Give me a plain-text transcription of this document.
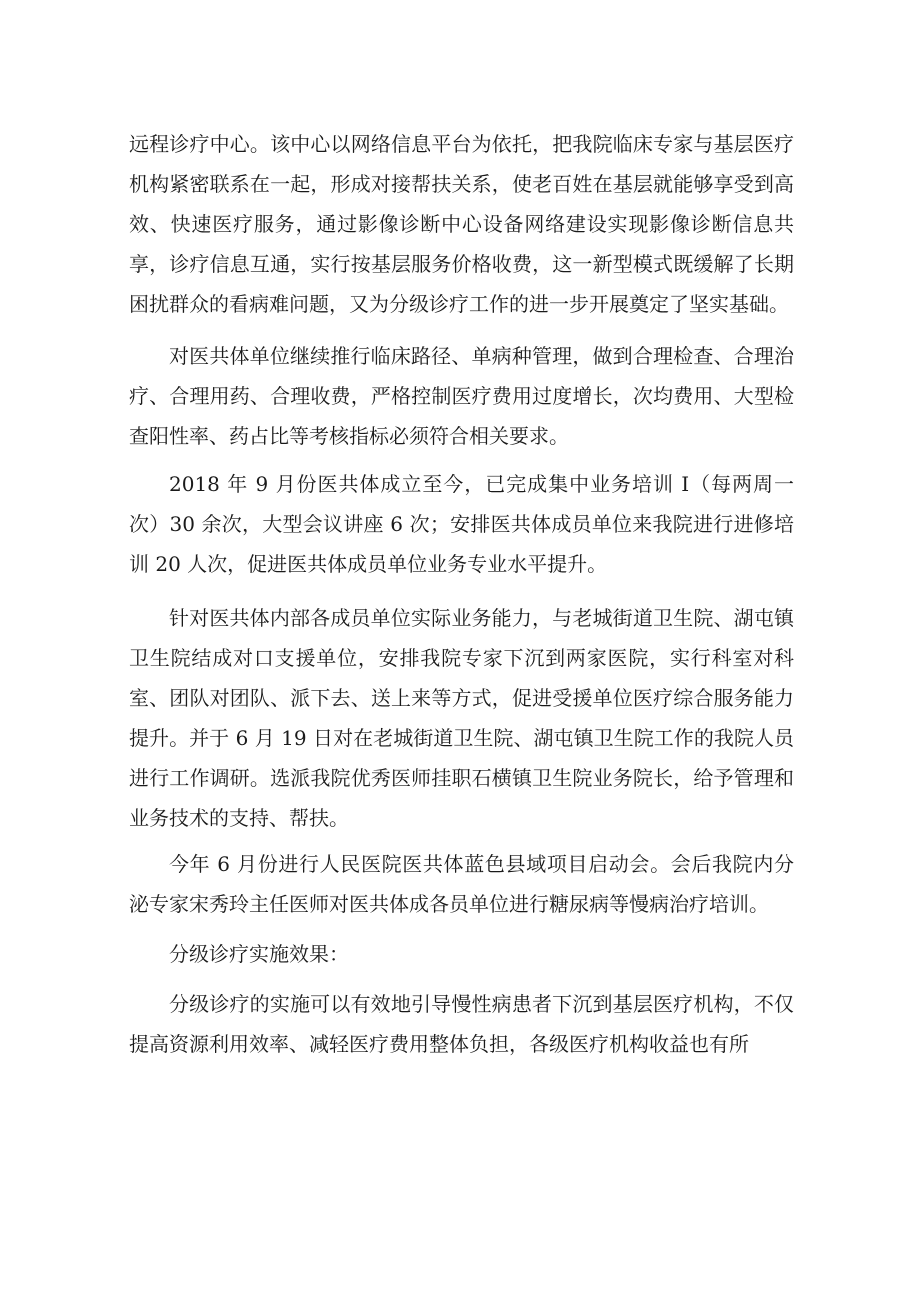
远程诊疗中心。该中心以网络信息平台为依托，把我院临床专家与基层医疗机构紧密联系在一起，形成对接帮扶关系，使老百姓在基层就能够享受到高效、快速医疗服务，通过影像诊断中心设备网络建设实现影像诊断信息共享，诊疗信息互通，实行按基层服务价格收费，这一新型模式既缓解了长期困扰群众的看病难问题，又为分级诊疗工作的进一步开展奠定了坚实基础。

对医共体单位继续推行临床路径、单病种管理，做到合理检查、合理治疗、合理用药、合理收费，严格控制医疗费用过度增长，次均费用、大型检查阳性率、药占比等考核指标必须符合相关要求。

2018 年 9 月份医共体成立至今，已完成集中业务培训 I（每两周一次）30 余次，大型会议讲座 6 次；安排医共体成员单位来我院进行进修培训 20 人次，促进医共体成员单位业务专业水平提升。

针对医共体内部各成员单位实际业务能力，与老城街道卫生院、湖屯镇卫生院结成对口支援单位，安排我院专家下沉到两家医院，实行科室对科室、团队对团队、派下去、送上来等方式，促进受援单位医疗综合服务能力提升。并于 6 月 19 日对在老城街道卫生院、湖屯镇卫生院工作的我院人员进行工作调研。选派我院优秀医师挂职石横镇卫生院业务院长，给予管理和业务技术的支持、帮扶。

今年 6 月份进行人民医院医共体蓝色县域项目启动会。会后我院内分泌专家宋秀玲主任医师对医共体成各员单位进行糖尿病等慢病治疗培训。

分级诊疗实施效果：

分级诊疗的实施可以有效地引导慢性病患者下沉到基层医疗机构，不仅提高资源利用效率、减轻医疗费用整体负担，各级医疗机构收益也有所
